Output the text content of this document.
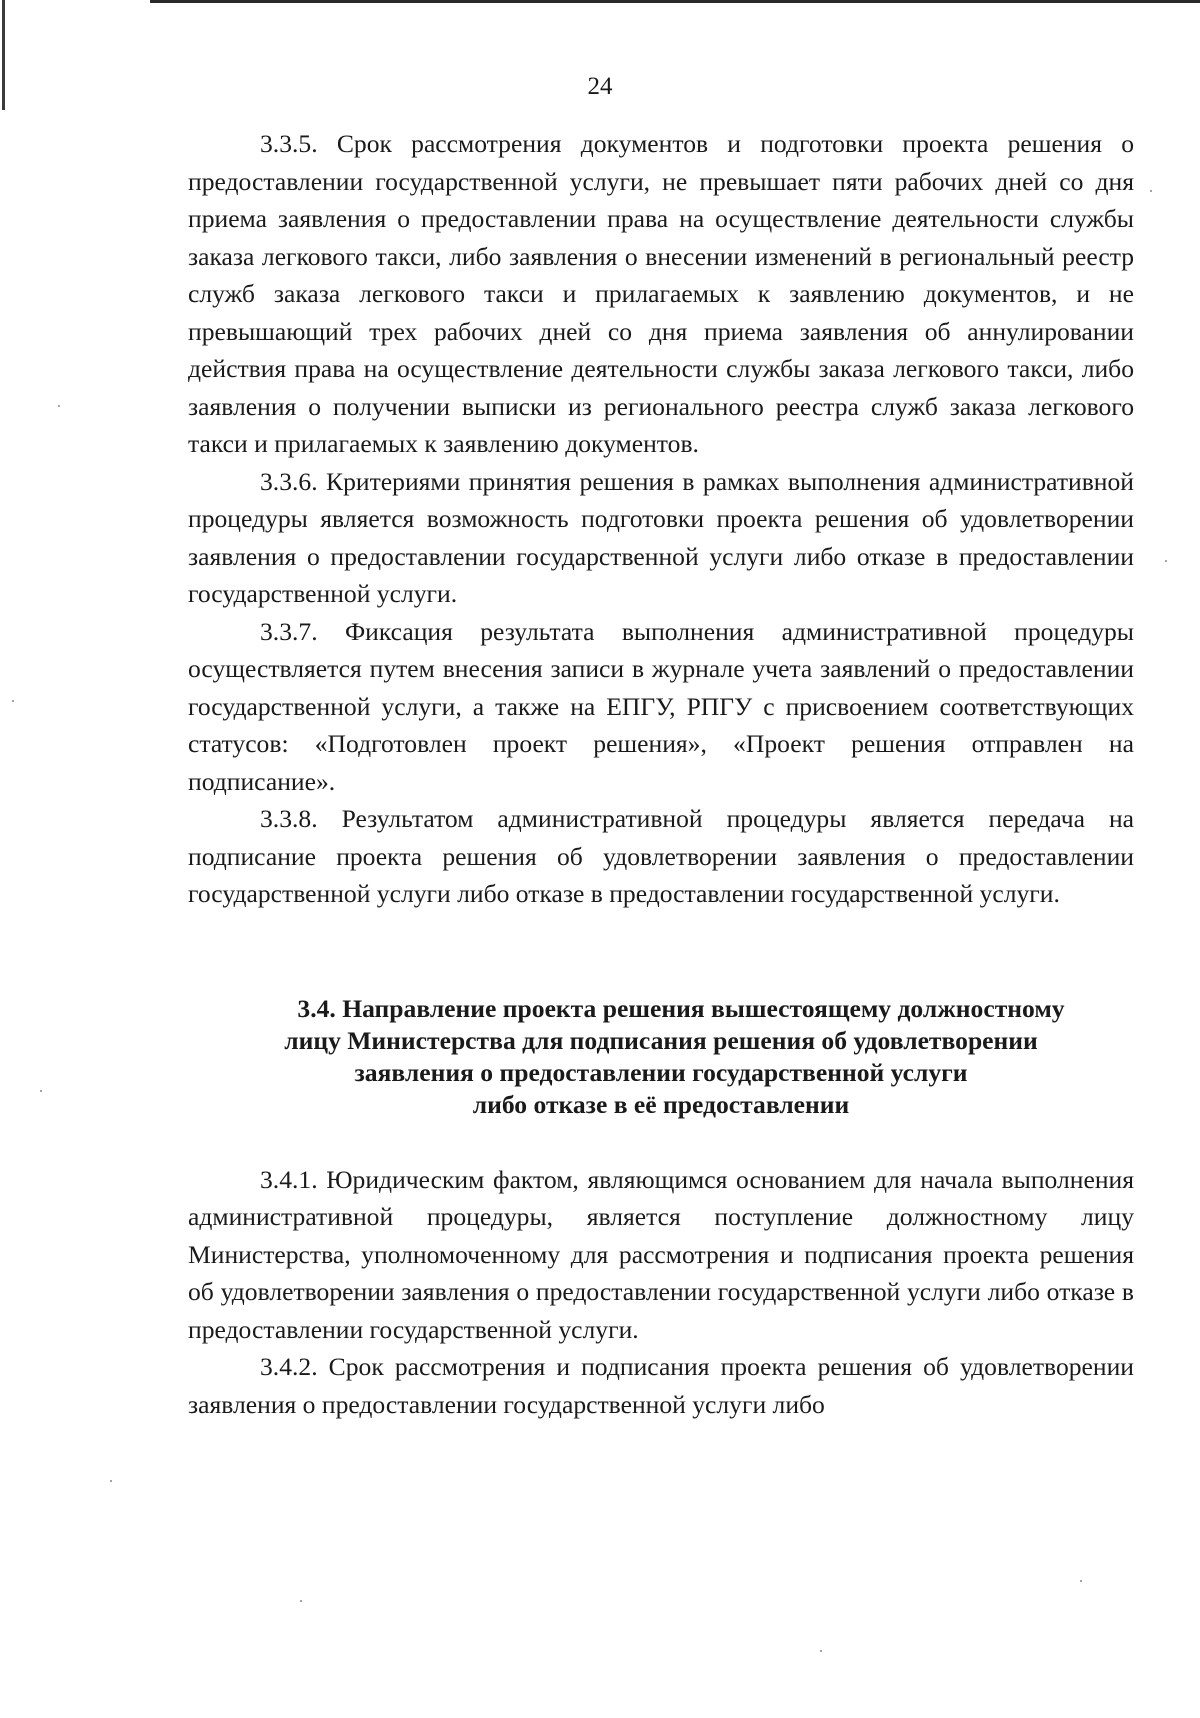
24

3.3.5. Срок рассмотрения документов и подготовки проекта решения о предоставлении государственной услуги, не превышает пяти рабочих дней со дня приема заявления о предоставлении права на осуществление деятельности службы заказа легкового такси, либо заявления о внесении изменений в региональный реестр служб заказа легкового такси и прилагаемых к заявлению документов, и не превышающий трех рабочих дней со дня приема заявления об аннулировании действия права на осуществление деятельности службы заказа легкового такси, либо заявления о получении выписки из регионального реестра служб заказа легкового такси и прилагаемых к заявлению документов.

3.3.6. Критериями принятия решения в рамках выполнения административной процедуры является возможность подготовки проекта решения об удовлетворении заявления о предоставлении государственной услуги либо отказе в предоставлении государственной услуги.

3.3.7. Фиксация результата выполнения административной процедуры осуществляется путем внесения записи в журнале учета заявлений о предоставлении государственной услуги, а также на ЕПГУ, РПГУ с присвоением соответствующих статусов: «Подготовлен проект решения», «Проект решения отправлен на подписание».

3.3.8. Результатом административной процедуры является передача на подписание проекта решения об удовлетворении заявления о предоставлении государственной услуги либо отказе в предоставлении государственной услуги.

3.4. Направление проекта решения вышестоящему должностному
лицу Министерства для подписания решения об удовлетворении
заявления о предоставлении государственной услуги
либо отказе в её предоставлении

3.4.1. Юридическим фактом, являющимся основанием для начала выполнения административной процедуры, является поступление должностному лицу Министерства, уполномоченному для рассмотрения и подписания проекта решения об удовлетворении заявления о предоставлении государственной услуги либо отказе в предоставлении государственной услуги.

3.4.2. Срок рассмотрения и подписания проекта решения об удовлетворении заявления о предоставлении государственной услуги либо
